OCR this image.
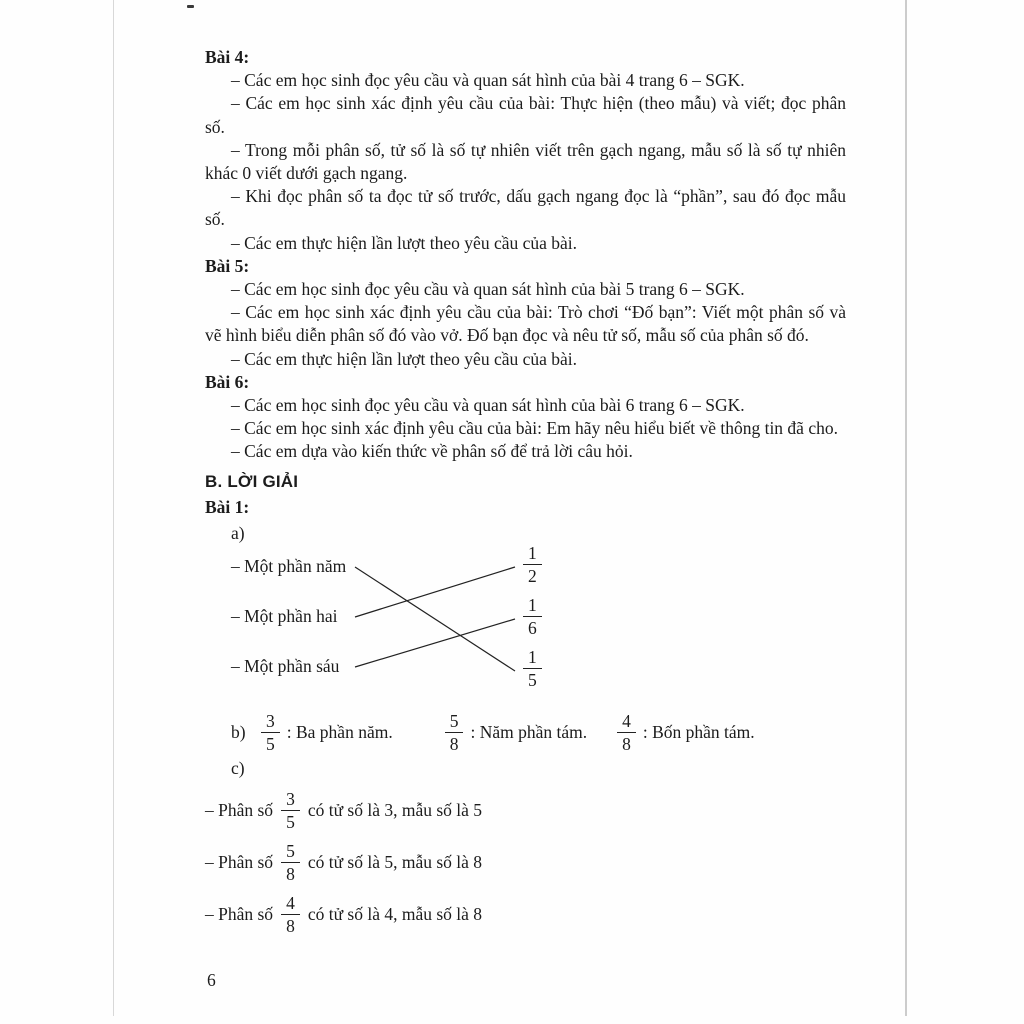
Bài 4:

– Các em học sinh đọc yêu cầu và quan sát hình của bài 4 trang 6 – SGK.

– Các em học sinh xác định yêu cầu của bài: Thực hiện (theo mẫu) và viết; đọc phân số.

– Trong mỗi phân số, tử số là số tự nhiên viết trên gạch ngang, mẫu số là số tự nhiên khác 0 viết dưới gạch ngang.

– Khi đọc phân số ta đọc tử số trước, dấu gạch ngang đọc là “phần”, sau đó đọc mẫu số.

– Các em thực hiện lần lượt theo yêu cầu của bài.

Bài 5:

– Các em học sinh đọc yêu cầu và quan sát hình của bài 5 trang 6 – SGK.

– Các em học sinh xác định yêu cầu của bài: Trò chơi “Đố bạn”: Viết một phân số và vẽ hình biểu diễn phân số đó vào vở. Đố bạn đọc và nêu tử số, mẫu số của phân số đó.

– Các em thực hiện lần lượt theo yêu cầu của bài.

Bài 6:

– Các em học sinh đọc yêu cầu và quan sát hình của bài 6 trang 6 – SGK.

– Các em học sinh xác định yêu cầu của bài: Em hãy nêu hiểu biết về thông tin đã cho.

– Các em dựa vào kiến thức về phân số để trả lời câu hỏi.

B. LỜI GIẢI
Bài 1:
a)
– Một phần năm
– Một phần hai
– Một phần sáu
$\frac{1}{2}$
$\frac{1}{6}$
$\frac{1}{5}$
$b) \frac{3}{5}$ : Ba phần năm.	$\frac{5}{8}$ : Năm phần tám. $\frac{4}{8}$ : Bốn phần tám.
c)
– Phân số $\frac{3}{5}$ có tử số là 3, mẫu số là 5
– Phân số $\frac{5}{8}$ có tử số là 5, mẫu số là 8
– Phân số $\frac{4}{8}$ có tử số là 4, mẫu số là 8
6
